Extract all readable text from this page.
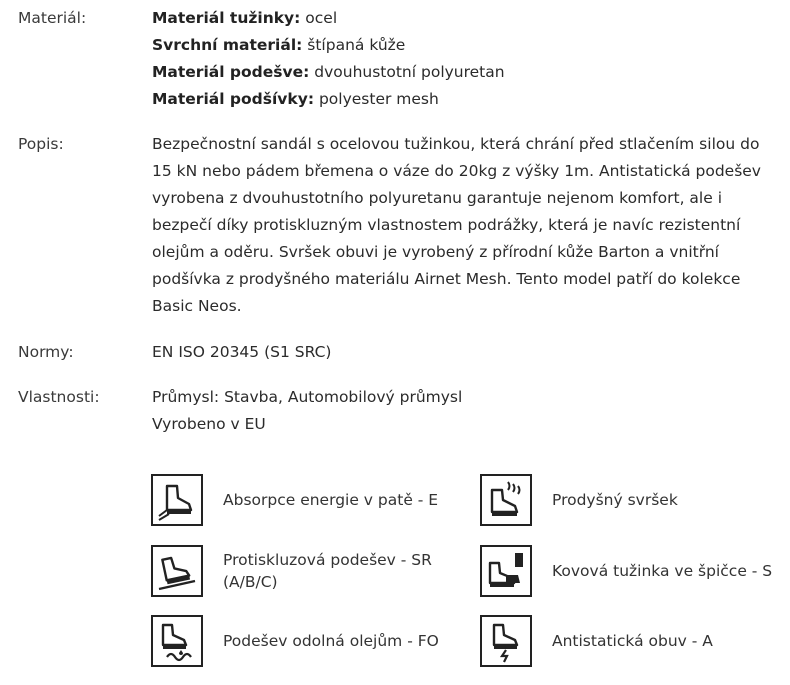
Materiál:	Materiál tužinky: ocel
Svrchní materiál: štípaná kůže
Materiál podešve: dvouhustotní polyuretan
Materiál podšívky: polyester mesh
Popis:	Bezpečnostní sandál s ocelovou tužinkou, která chrání před stlačením silou do 15 kN nebo pádem břemena o váze do 20kg z výšky 1m. Antistatická podešev vyrobena z dvouhustotního polyuretanu garantuje nejenom komfort, ale i bezpečí díky protiskluzným vlastnostem podrážky, která je navíc rezistentní olejům a oděru. Svršek obuvi je vyrobený z přírodní kůže Barton a vnitřní podšívka z prodyšného materiálu Airnet Mesh. Tento model patří do kolekce Basic Neos.
Normy:	EN ISO 20345 (S1 SRC)
Vlastnosti:	Průmysl: Stavba, Automobilový průmysl
Vyrobeno v EU
Absorpce energie v patě - E	Prodyšný svršek
Protiskluzová podešev - SR (A/B/C)
Kovová tužinka ve špičce - S
Podešev odolná olejům - FO	Antistatická obuv - A
